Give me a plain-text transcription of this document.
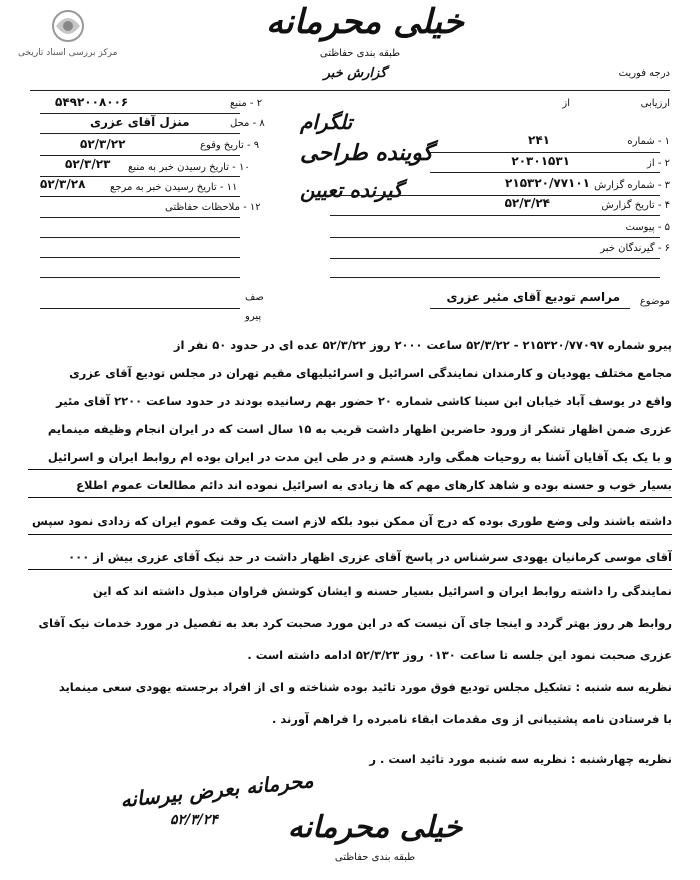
مرکز بررسی اسناد تاریخی
خیلی محرمانه
طبقه بندی حفاظتی
گزارش خبر	درجه فوریت
۲ - منبع
۵۴۹۲۰۰۸۰۰۶
۸ - محل
منزل آقای عزری
۹ - تاریخ وقوع
۵۲/۳/۲۲
۱۰ - تاریخ رسیدن خبر به منبع
۵۲/۳/۲۳
۱۱ - تاریخ رسیدن خبر به مرجع
۵۲/۳/۲۸
۱۲ - ملاحظات حفاظتی
تلگرام
گوینده طراحی
گیرنده تعیین
ارزیابی
از
۱ - شماره
۲۴۱
۲ - از
۲۰۳۰۱۵۳۱
۳ - شماره گزارش
۲۱۵۳۲۰/۷۷۱۰۱
۴ - تاریخ گزارش
۵۲/۳/۲۴
۵ - پیوست
۶ - گیرندگان خبر
موضوع
مراسم تودیع آقای مئیر عزری
صف
پیرو
پیرو شماره ۲۱۵۳۲۰/۷۷۰۹۷ - ۵۲/۳/۲۲ ساعت ۲۰۰۰ روز ۵۲/۳/۲۲ عده ای در حدود ۵۰ نفر از
مجامع مختلف یهودیان و کارمندان نمایندگی اسرائیل و اسرائیلیهای مقیم تهران در مجلس تودیع آقای عزری
واقع در یوسف آباد خیابان ابن سینا کاشی شماره ۲۰ حضور بهم رسانیده بودند در حدود ساعت ۲۲۰۰ آقای مئیر
عزری ضمن اظهار تشکر از ورود حاضرین اظهار داشت قریب به ۱۵ سال است که در ایران انجام وظیفه مینمایم
و با یک یک آقایان آشنا به روحیات همگی وارد هستم و در طی این مدت در ایران بوده ام روابط ایران و اسرائیل
بسیار خوب و حسنه بوده و شاهد کارهای مهم که ها زیادی به اسرائیل نموده اند دائم مطالعات عموم اطلاع
داشته باشند ولی وضع طوری بوده که درج آن ممکن نبود بلکه لازم است یک وقت عموم ایران که زدادی نمود سپس
آقای موسی کرمانیان یهودی سرشناس در پاسخ آقای عزری اظهار داشت در حد نیک آقای عزری بیش از ۰۰۰
نمایندگی را داشته روابط ایران و اسرائیل بسیار حسنه و ایشان کوشش فراوان مبذول داشته اند که این
روابط هر روز بهتر گردد و اینجا جای آن نیست که در این مورد صحبت کرد بعد به تفصیل در مورد خدمات نیک آقای
عزری صحبت نمود این جلسه تا ساعت ۰۱۳۰ روز ۵۲/۳/۲۳ ادامه داشته است .
نظریه سه شنبه : تشکیل مجلس تودیع فوق مورد تائید بوده شناخته و ای از افراد برجسته یهودی سعی مینماید
با فرستادن نامه پشتیبانی از وی مقدمات ابقاء نامبرده را فراهم آورند .
نظریه چهارشنبه : نظریه سه شنبه مورد تائید است . ر
محرمانه بعرض بیرسانه
۵۲/۳/۲۴ خیلی محرمانه
طبقه بندی حفاظتی
